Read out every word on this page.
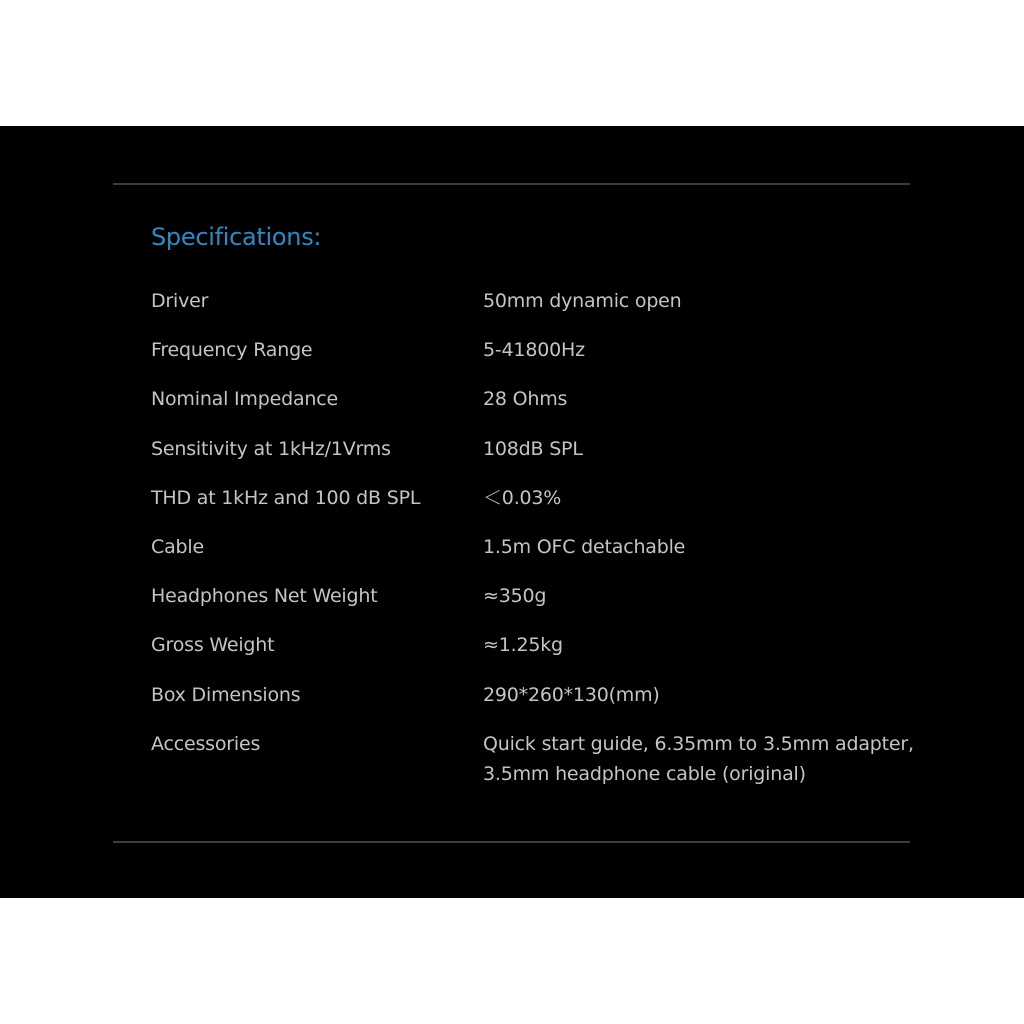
Specifications:
Driver	50mm dynamic open
Frequency Range	5-41800Hz
Nominal Impedance	28 Ohms
Sensitivity at 1kHz/1Vrms	108dB SPL
THD at 1kHz and 100 dB SPL	＜0.03%
Cable	1.5m OFC detachable
Headphones Net Weight	≈350g
Gross Weight	≈1.25kg
Box Dimensions	290*260*130(mm)
Accessories	Quick start guide, 6.35mm to 3.5mm adapter,
3.5mm headphone cable (original)
